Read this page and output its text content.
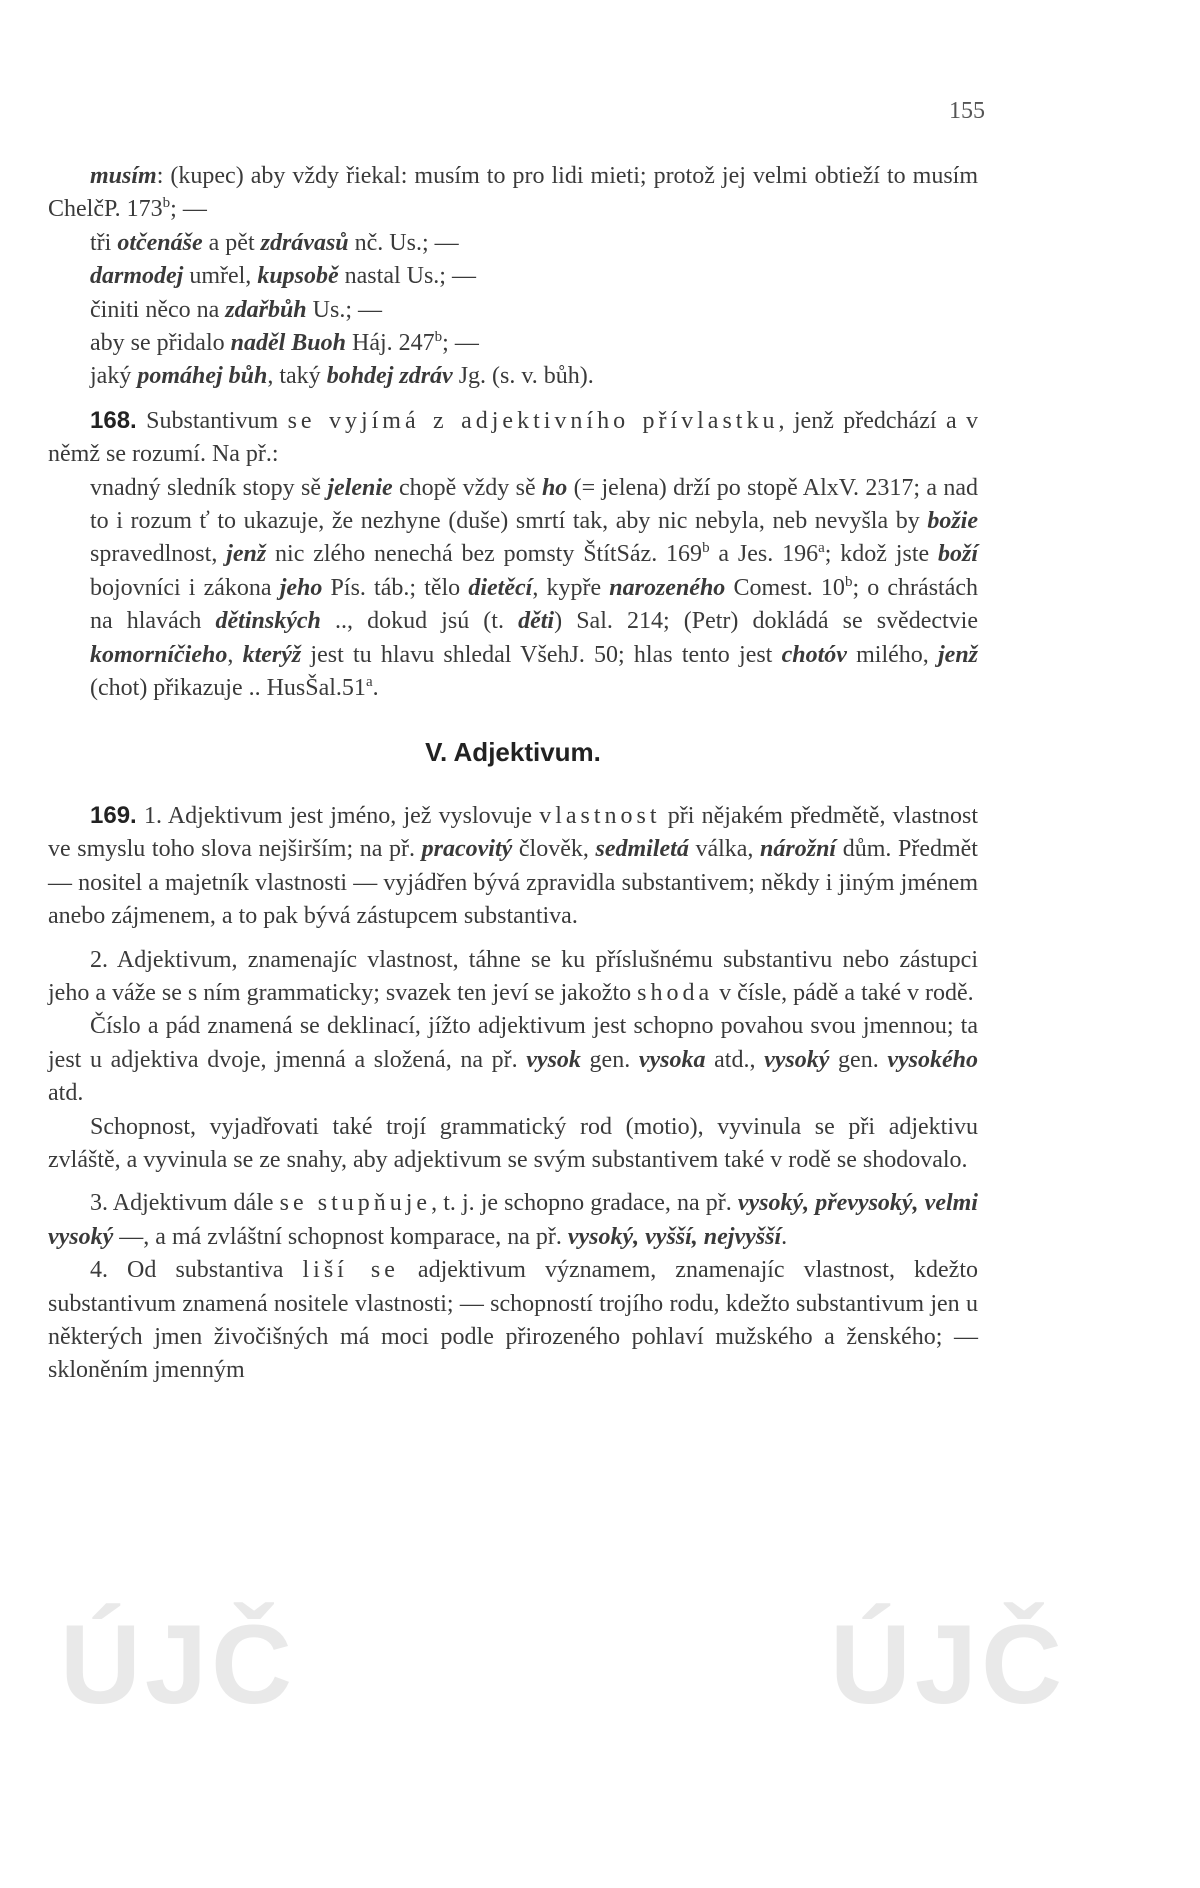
155

musím: (kupec) aby vždy řiekal: musím to pro lidi mieti; protož jej velmi obtieží to musím ChelčP. 173$^b$; —

tři otčenáše a pět zdrávasů nč. Us.; —

darmodej umřel, kupsobě nastal Us.; —

činiti něco na zdařbůh Us.; —

aby se přidalo naděl Buoh Háj. 247$^b$; —

jaký pomáhej bůh, taký bohdej zdráv Jg. (s. v. bůh).

168. Substantivum se vyjímá z adjektivního přívlastku, jenž předchází a v němž se rozumí. Na př.:

vnadný sledník stopy sě jelenie chopě vždy sě ho (= jelena) drží po stopě AlxV. 2317; a nad to i rozum ť to ukazuje, že nezhyne (duše) smrtí tak, aby nic nebyla, neb nevyšla by božie spravedlnost, jenž nic zlého nenechá bez pomsty ŠtítSáz. 169$^b$ a Jes. 196$^a$; kdož jste boží bojovníci i zákona jeho Pís. táb.; tělo dietěcí, kypře narozeného Comest. 10$^b$; o chrástách na hlavách dětinských .., dokud jsú (t. děti) Sal. 214; (Petr) dokládá se svědectvie komorníčieho, kterýž jest tu hlavu shledal VšehJ. 50; hlas tento jest chotóv milého, jenž (chot) přikazuje .. HusŠal.51$^a$.

V. Adjektivum.

169. 1. Adjektivum jest jméno, jež vyslovuje vlastnost při nějakém předmětě, vlastnost ve smyslu toho slova nejširším; na př. pracovitý člověk, sedmiletá válka, nárožní dům. Předmět — nositel a majetník vlastnosti — vyjádřen bývá zpravidla substantivem; někdy i jiným jménem anebo zájmenem, a to pak bývá zástupcem substantiva.

2. Adjektivum, znamenajíc vlastnost, táhne se ku příslušnému substantivu nebo zástupci jeho a váže se s ním grammaticky; svazek ten jeví se jakožto shoda v čísle, pádě a také v rodě.

Číslo a pád znamená se deklinací, jížto adjektivum jest schopno povahou svou jmennou; ta jest u adjektiva dvoje, jmenná a složená, na př. vysok gen. vysoka atd., vysoký gen. vysokého atd.

Schopnost, vyjadřovati také trojí grammatický rod (motio), vyvinula se při adjektivu zvláště, a vyvinula se ze snahy, aby adjektivum se svým substantivem také v rodě se shodovalo.

3. Adjektivum dále se stupňuje, t. j. je schopno gradace, na př. vysoký, převysoký, velmi vysoký —, a má zvláštní schopnost komparace, na př. vysoký, vyšší, nejvyšší.

4. Od substantiva liší se adjektivum významem, znamenajíc vlastnost, kdežto substantivum znamená nositele vlastnosti; — schopností trojího rodu, kdežto substantivum jen u některých jmen živočišných má moci podle přirozeného pohlaví mužského a ženského; — skloněním jmenným

ÚJČ	ÚJČ
